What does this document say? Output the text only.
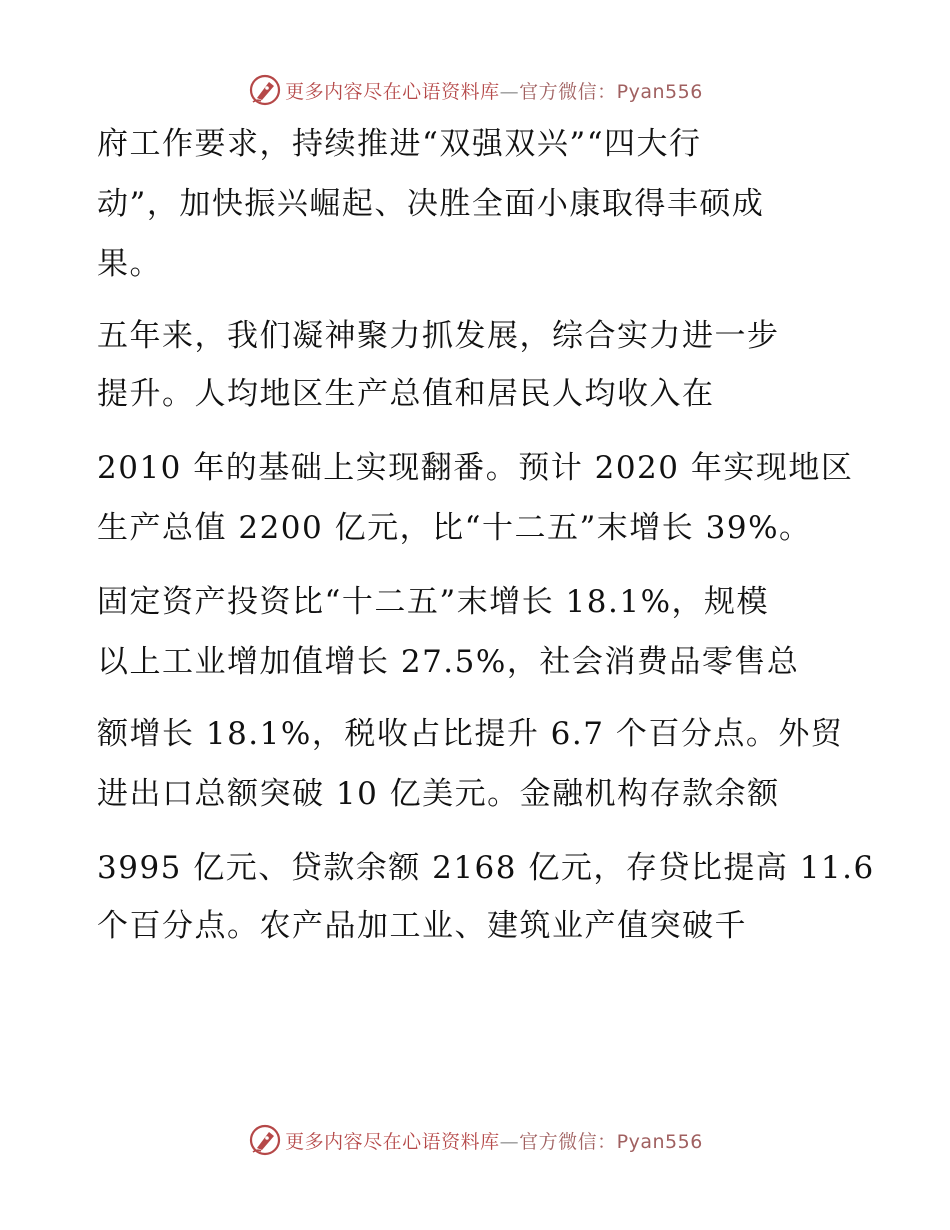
更多内容尽在心语资料库—官方微信：Pyan556
府工作要求，持续推进“双强双兴”“四大行
动”，加快振兴崛起、决胜全面小康取得丰硕成
果。
五年来，我们凝神聚力抓发展，综合实力进一步
提升。人均地区生产总值和居民人均收入在
2010 年的基础上实现翻番。预计 2020 年实现地区
生产总值 2200 亿元，比“十二五”末增长 39%。
固定资产投资比“十二五”末增长 18.1%，规模
以上工业增加值增长 27.5%，社会消费品零售总
额增长 18.1%，税收占比提升 6.7 个百分点。外贸
进出口总额突破 10 亿美元。金融机构存款余额
3995 亿元、贷款余额 2168 亿元，存贷比提高 11.6
个百分点。农产品加工业、建筑业产值突破千
更多内容尽在心语资料库—官方微信：Pyan556
